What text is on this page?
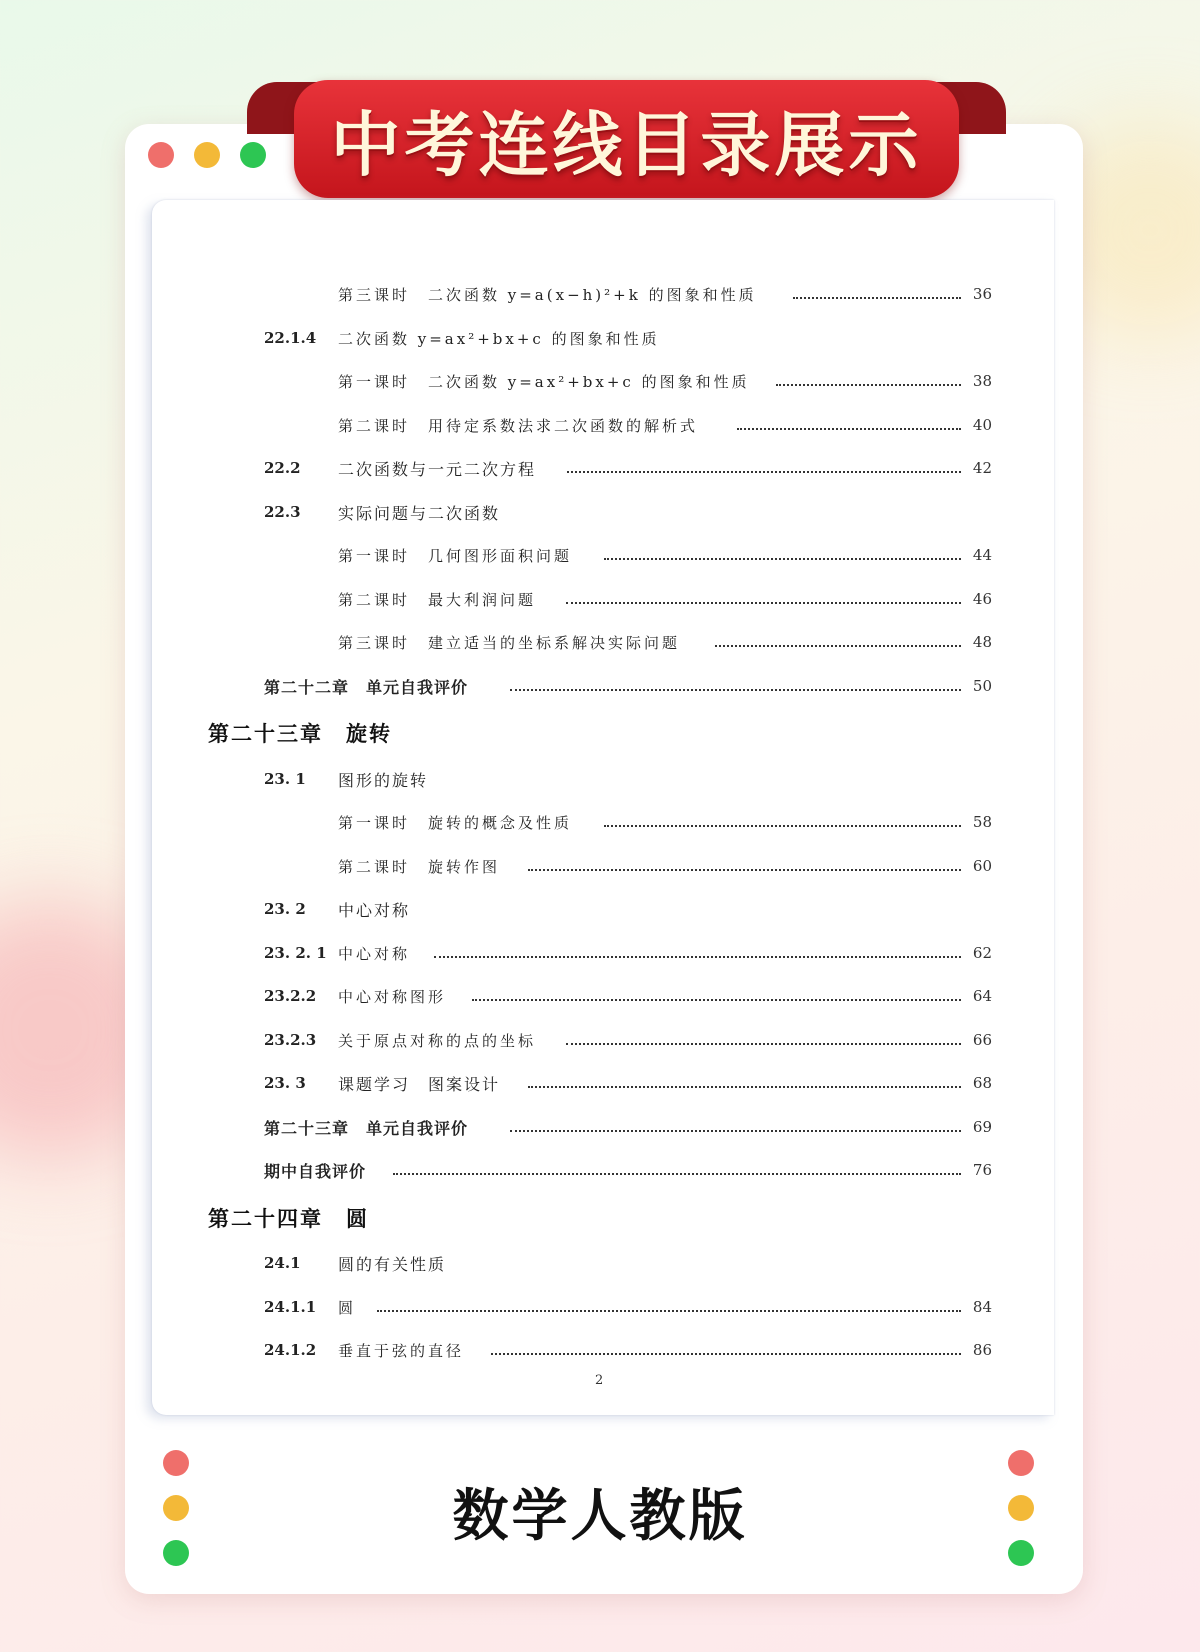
中考连线目录展示
第三课时　二次函数 y=a(x−h)²+k 的图象和性质	36
22.1.4 二次函数 y=ax²+bx+c 的图象和性质
第一课时　二次函数 y=ax²+bx+c 的图象和性质	38
第二课时　用待定系数法求二次函数的解析式	40
22.2 二次函数与一元二次方程	42
22.3 实际问题与二次函数
第一课时　几何图形面积问题	44
第二课时　最大利润问题	46
第三课时　建立适当的坐标系解决实际问题	48
第二十二章　单元自我评价	50
第二十三章　旋转
23. 1 图形的旋转
第一课时　旋转的概念及性质	58
第二课时　旋转作图	60
23. 2 中心对称
23. 2. 1 中心对称	62
23.2.2 中心对称图形	64
23.2.3 关于原点对称的点的坐标	66
23. 3 课题学习　图案设计	68
第二十三章　单元自我评价	69
期中自我评价	76
第二十四章　圆
24.1 圆的有关性质
24.1.1 圆	84
24.1.2 垂直于弦的直径	86
2
数学人教版
